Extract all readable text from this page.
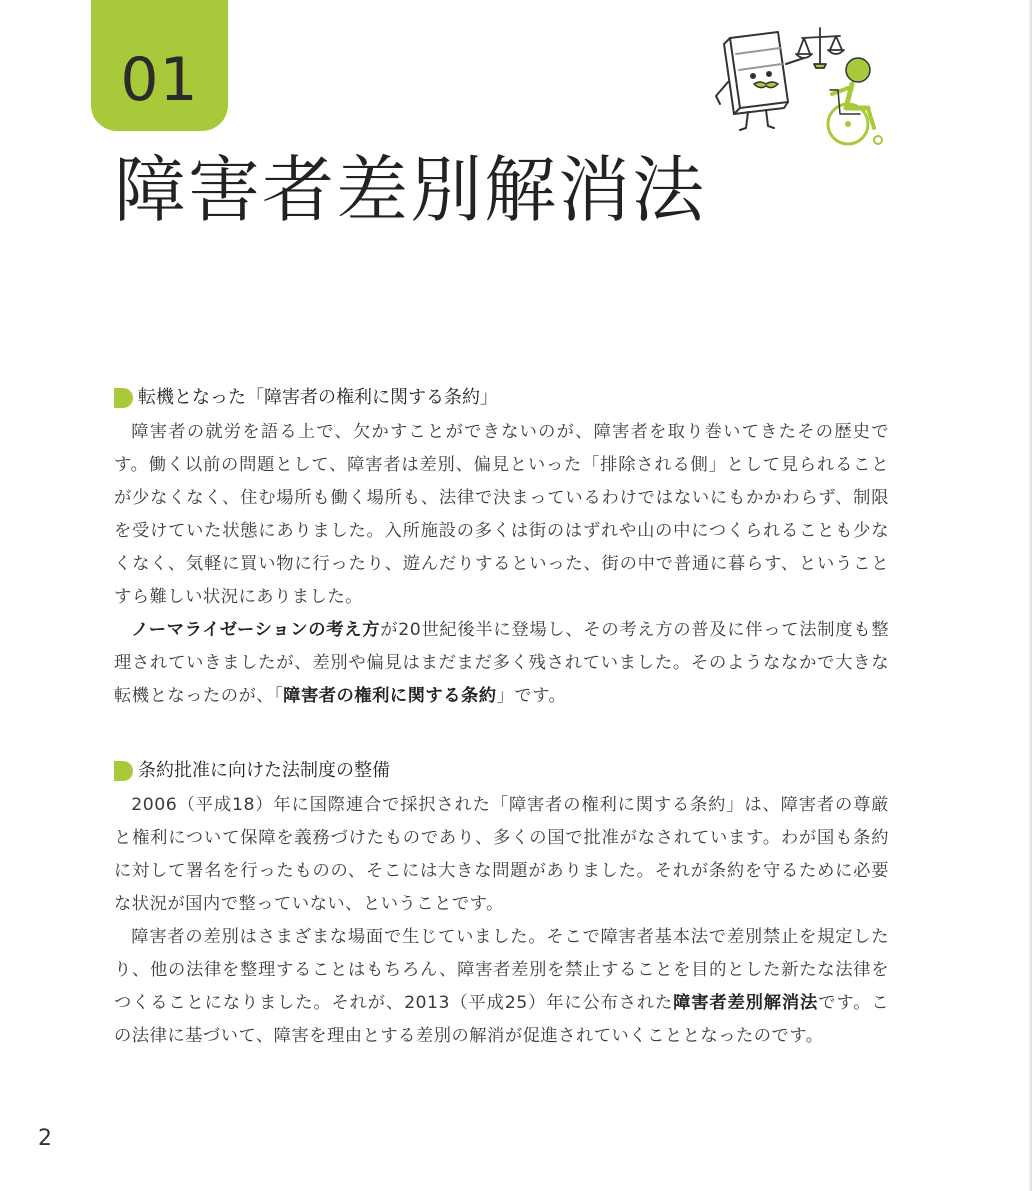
01
障害者差別解消法
転機となった「障害者の権利に関する条約」

障害者の就労を語る上で、欠かすことができないのが、障害者を取り巻いてきたその歴史です。働く以前の問題として、障害者は差別、偏見といった「排除される側」として見られることが少なくなく、住む場所も働く場所も、法律で決まっているわけではないにもかかわらず、制限を受けていた状態にありました。入所施設の多くは街のはずれや山の中につくられることも少なくなく、気軽に買い物に行ったり、遊んだりするといった、街の中で普通に暮らす、ということすら難しい状況にありました。

ノーマライゼーションの考え方が20世紀後半に登場し、その考え方の普及に伴って法制度も整理されていきましたが、差別や偏見はまだまだ多く残されていました。そのようななかで大きな転機となったのが、「障害者の権利に関する条約」です。

条約批准に向けた法制度の整備

2006（平成18）年に国際連合で採択された「障害者の権利に関する条約」は、障害者の尊厳と権利について保障を義務づけたものであり、多くの国で批准がなされています。わが国も条約に対して署名を行ったものの、そこには大きな問題がありました。それが条約を守るために必要な状況が国内で整っていない、ということです。

障害者の差別はさまざまな場面で生じていました。そこで障害者基本法で差別禁止を規定したり、他の法律を整理することはもちろん、障害者差別を禁止することを目的とした新たな法律をつくることになりました。それが、2013（平成25）年に公布された障害者差別解消法です。この法律に基づいて、障害を理由とする差別の解消が促進されていくこととなったのです。

2
